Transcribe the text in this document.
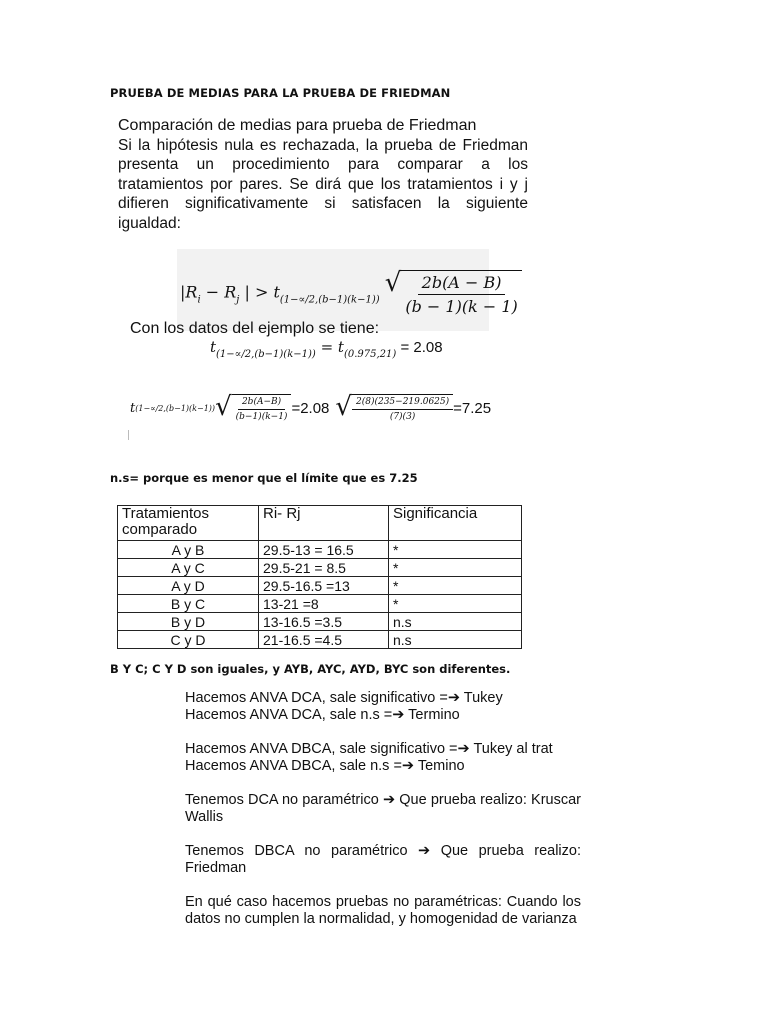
PRUEBA DE MEDIAS PARA LA PRUEBA DE FRIEDMAN
Comparación de medias para prueba de Friedman
Si la hipótesis nula es rechazada, la prueba de Friedman presenta un procedimiento para comparar a los tratamientos por pares. Se dirá que los tratamientos i y j difieren significativamente si satisfacen la siguiente igualdad:
$|R_i - R_j$ | > $t_{(1-\propto/2,(b-1)(k-1))}$
√ $\frac{2b(A - B)}{(b - 1)(k - 1)}$
Con los datos del ejemplo se tiene:
$t_{(1-\propto/2,(b-1)(k-1))} = t_{(0.975,21)} = 2.08$
t (1−∝/2,(b−1)(k−1)) √ $\frac{2b(A-B)}{(b-1)(k-1)} =2.08$ √ $\frac{2(8)(235-219.0625)}{(7)(3)} =7.25$
n.s= porque es menor que el límite que es 7.25
Tratamientos comparado	Ri- Rj	Significancia
A y B	29.5-13 = 16.5	*
A y C	29.5-21 = 8.5	*
A y D	29.5-16.5 =13	*
B y C	13-21 =8	*
B y D	13-16.5 =3.5	n.s
C y D	21-16.5 =4.5	n.s
B Y C; C Y D son iguales, y AYB, AYC, AYD, BYC son diferentes.
Hacemos ANVA DCA, sale significativo =➔ Tukey
Hacemos ANVA DCA, sale n.s =➔ Termino
Hacemos ANVA DBCA, sale significativo =➔ Tukey al trat
Hacemos ANVA DBCA, sale n.s =➔ Temino
Tenemos DCA no paramétrico ➔ Que prueba realizo: Kruscar Wallis
Tenemos DBCA no paramétrico ➔ Que prueba realizo: Friedman
En qué caso hacemos pruebas no paramétricas: Cuando los datos no cumplen la normalidad, y homogenidad de varianza
